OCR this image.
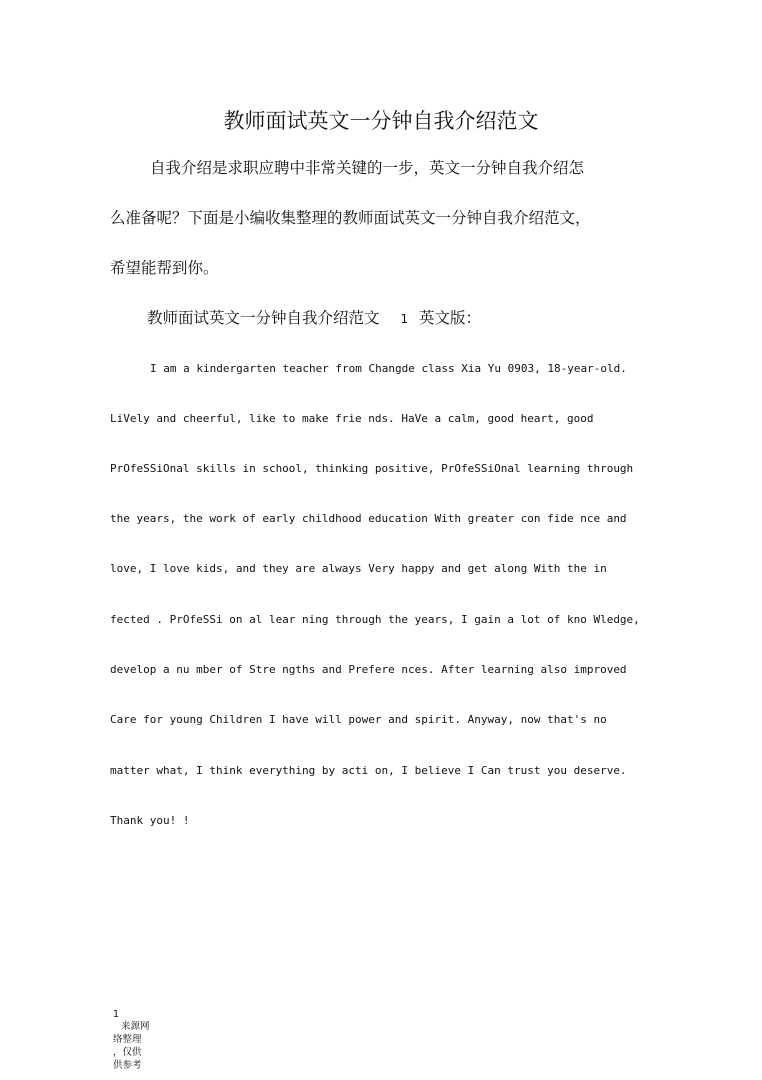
教师面试英文一分钟自我介绍范文
自我介绍是求职应聘中非常关键的一步，英文一分钟自我介绍怎
么准备呢？下面是小编收集整理的教师面试英文一分钟自我介绍范文，
希望能帮到你。
教师面试英文一分钟自我介绍范文 1 英文版：
I am a kindergarten teacher from Changde class Xia Yu 0903, 18-year-old.
LiVely and cheerful, like to make frie nds. HaVe a calm, good heart, good
PrOfeSSiOnal skills in school, thinking positive, PrOfeSSiOnal learning through
the years, the work of early childhood education With greater con fide nce and
love, I love kids, and they are always Very happy and get along With the in
fected . PrOfeSSi on al lear ning through the years, I gain a lot of kno Wledge,
develop a nu mber of Stre ngths and Prefere nces. After learning also improved
Care for young Children I have will power and spirit. Anyway, now that's no
matter what, I think everything by acti on, I believe I Can trust you deserve.
Thank you! !
1
来源网
络整理
，仅供
供参考
